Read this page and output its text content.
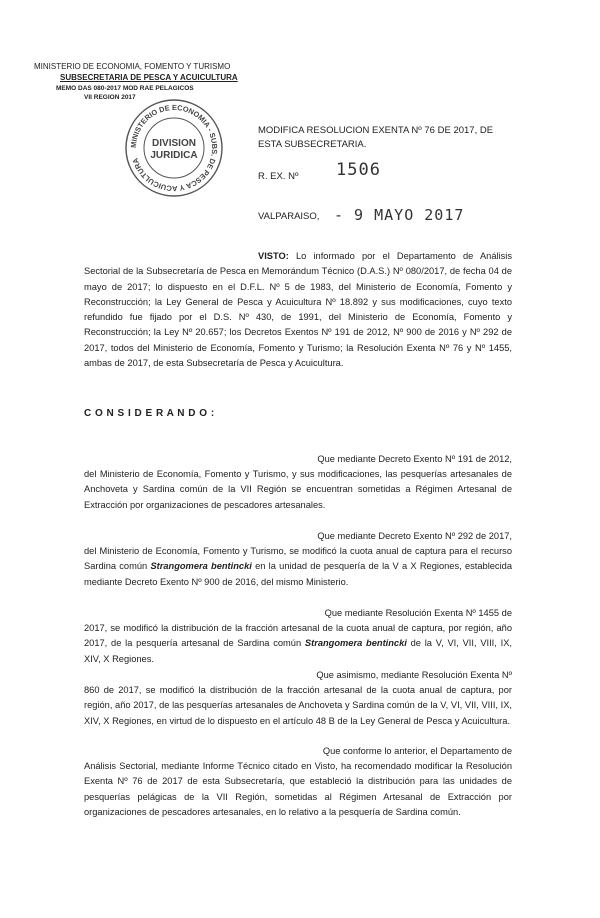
MINISTERIO DE ECONOMIA, FOMENTO Y TURISMO
SUBSECRETARIA DE PESCA Y ACUICULTURA
MEMO DAS 080-2017 MOD RAE PELAGICOS
VII REGION 2017
MINISTERIO DE ECONOMIA - SUBS. DE PESCA Y ACUICULTURA
DIVISION
JURIDICA
MODIFICA RESOLUCION EXENTA Nº 76 DE 2017, DE
ESTA SUBSECRETARIA.
R. EX. Nº 1506
VALPARAISO, - 9 MAYO 2017
VISTO: Lo informado por el Departamento de Análisis Sectorial de la Subsecretaría de Pesca en Memorándum Técnico (D.A.S.) Nº 080/2017, de fecha 04 de mayo de 2017; lo dispuesto en el D.F.L. Nº 5 de 1983, del Ministerio de Economía, Fomento y Reconstrucción; la Ley General de Pesca y Acuicultura Nº 18.892 y sus modificaciones, cuyo texto refundido fue fijado por el D.S. Nº 430, de 1991, del Ministerio de Economía, Fomento y Reconstrucción; la Ley Nº 20.657; los Decretos Exentos Nº 191 de 2012, Nº 900 de 2016 y Nº 292 de 2017, todos del Ministerio de Economía, Fomento y Turismo; la Resolución Exenta Nº 76 y Nº 1455, ambas de 2017, de esta Subsecretaría de Pesca y Acuicultura.
C O N S I D E R A N D O :
Que mediante Decreto Exento Nº 191 de 2012,
del Ministerio de Economía, Fomento y Turismo, y sus modificaciones, las pesquerías artesanales de Anchoveta y Sardina común de la VII Región se encuentran sometidas a Régimen Artesanal de Extracción por organizaciones de pescadores artesanales.
Que mediante Decreto Exento Nº 292 de 2017,
del Ministerio de Economía, Fomento y Turismo, se modificó la cuota anual de captura para el recurso Sardina común Strangomera bentincki en la unidad de pesquería de la V a X Regiones, establecida mediante Decreto Exento Nº 900 de 2016, del mismo Ministerio.
Que mediante Resolución Exenta Nº 1455 de
2017, se modificó la distribución de la fracción artesanal de la cuota anual de captura, por región, año 2017, de la pesquería artesanal de Sardina común Strangomera bentincki de la V, VI, VII, VIII, IX, XIV, X Regiones.
Que asimismo, mediante Resolución Exenta Nº
860 de 2017, se modificó la distribución de la fracción artesanal de la cuota anual de captura, por región, año 2017, de las pesquerías artesanales de Anchoveta y Sardina común de la V, VI, VII, VIII, IX, XIV, X Regiones, en virtud de lo dispuesto en el artículo 48 B de la Ley General de Pesca y Acuicultura.
Que conforme lo anterior, el Departamento de
Análisis Sectorial, mediante Informe Técnico citado en Visto, ha recomendado modificar la Resolución Exenta Nº 76 de 2017 de esta Subsecretaría, que estableció la distribución para las unidades de pesquerías pelágicas de la VII Región, sometidas al Régimen Artesanal de Extracción por organizaciones de pescadores artesanales, en lo relativo a la pesquería de Sardina común.
